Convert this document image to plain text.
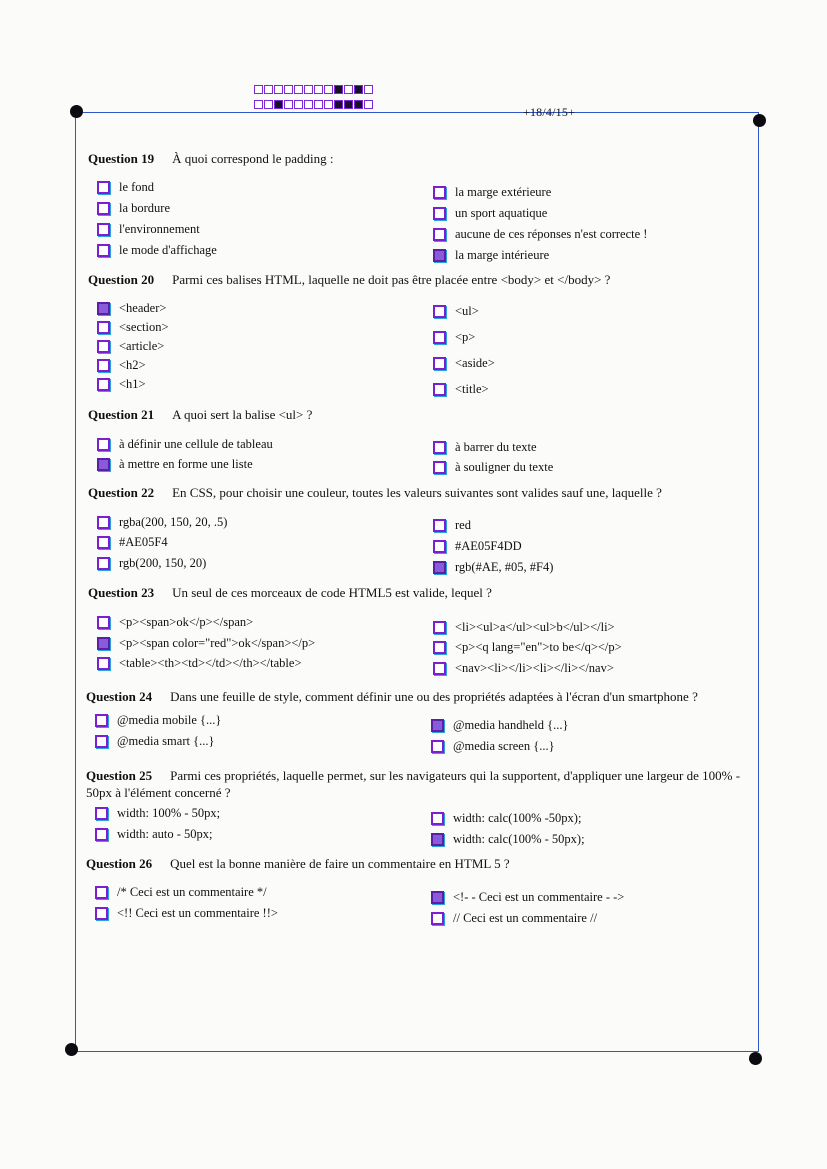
+18/4/15+
Question 19 À quoi correspond le padding :
le fond
la bordure
l'environnement
le mode d'affichage
la marge extérieure
un sport aquatique
aucune de ces réponses n'est correcte !
la marge intérieure
Question 20 Parmi ces balises HTML, laquelle ne doit pas être placée entre <body> et </body> ?
<header>
<section>
<article>
<h2>
<h1>
<ul>
<p>
<aside>
<title>
Question 21 A quoi sert la balise <ul> ?
à définir une cellule de tableau
à mettre en forme une liste
à barrer du texte
à souligner du texte
Question 22 En CSS, pour choisir une couleur, toutes les valeurs suivantes sont valides sauf une, laquelle ?
rgba(200, 150, 20, .5)
#AE05F4
rgb(200, 150, 20)
red
#AE05F4DD
rgb(#AE, #05, #F4)
Question 23 Un seul de ces morceaux de code HTML5 est valide, lequel ?
<p><span>ok</p></span>
<p><span color="red">ok</span></p>
<table><th><td></td></th></table>
<li><ul>a</ul><ul>b</ul></li>
<p><q lang="en">to be</q></p>
<nav><li></li><li></li></nav>
Question 24 Dans une feuille de style, comment définir une ou des propriétés adaptées à l'écran d'un smartphone ?
@media mobile {...}
@media smart {...}
@media handheld {...}
@media screen {...}
Question 25 Parmi ces propriétés, laquelle permet, sur les navigateurs qui la supportent, d'appliquer une largeur de 100% - 50px à l'élément concerné ?
width: 100% - 50px;
width: auto - 50px;
width: calc(100% -50px);
width: calc(100% - 50px);
Question 26 Quel est la bonne manière de faire un commentaire en HTML 5 ?
/* Ceci est un commentaire */
<!! Ceci est un commentaire !!>
<!- - Ceci est un commentaire - ->
// Ceci est un commentaire //
